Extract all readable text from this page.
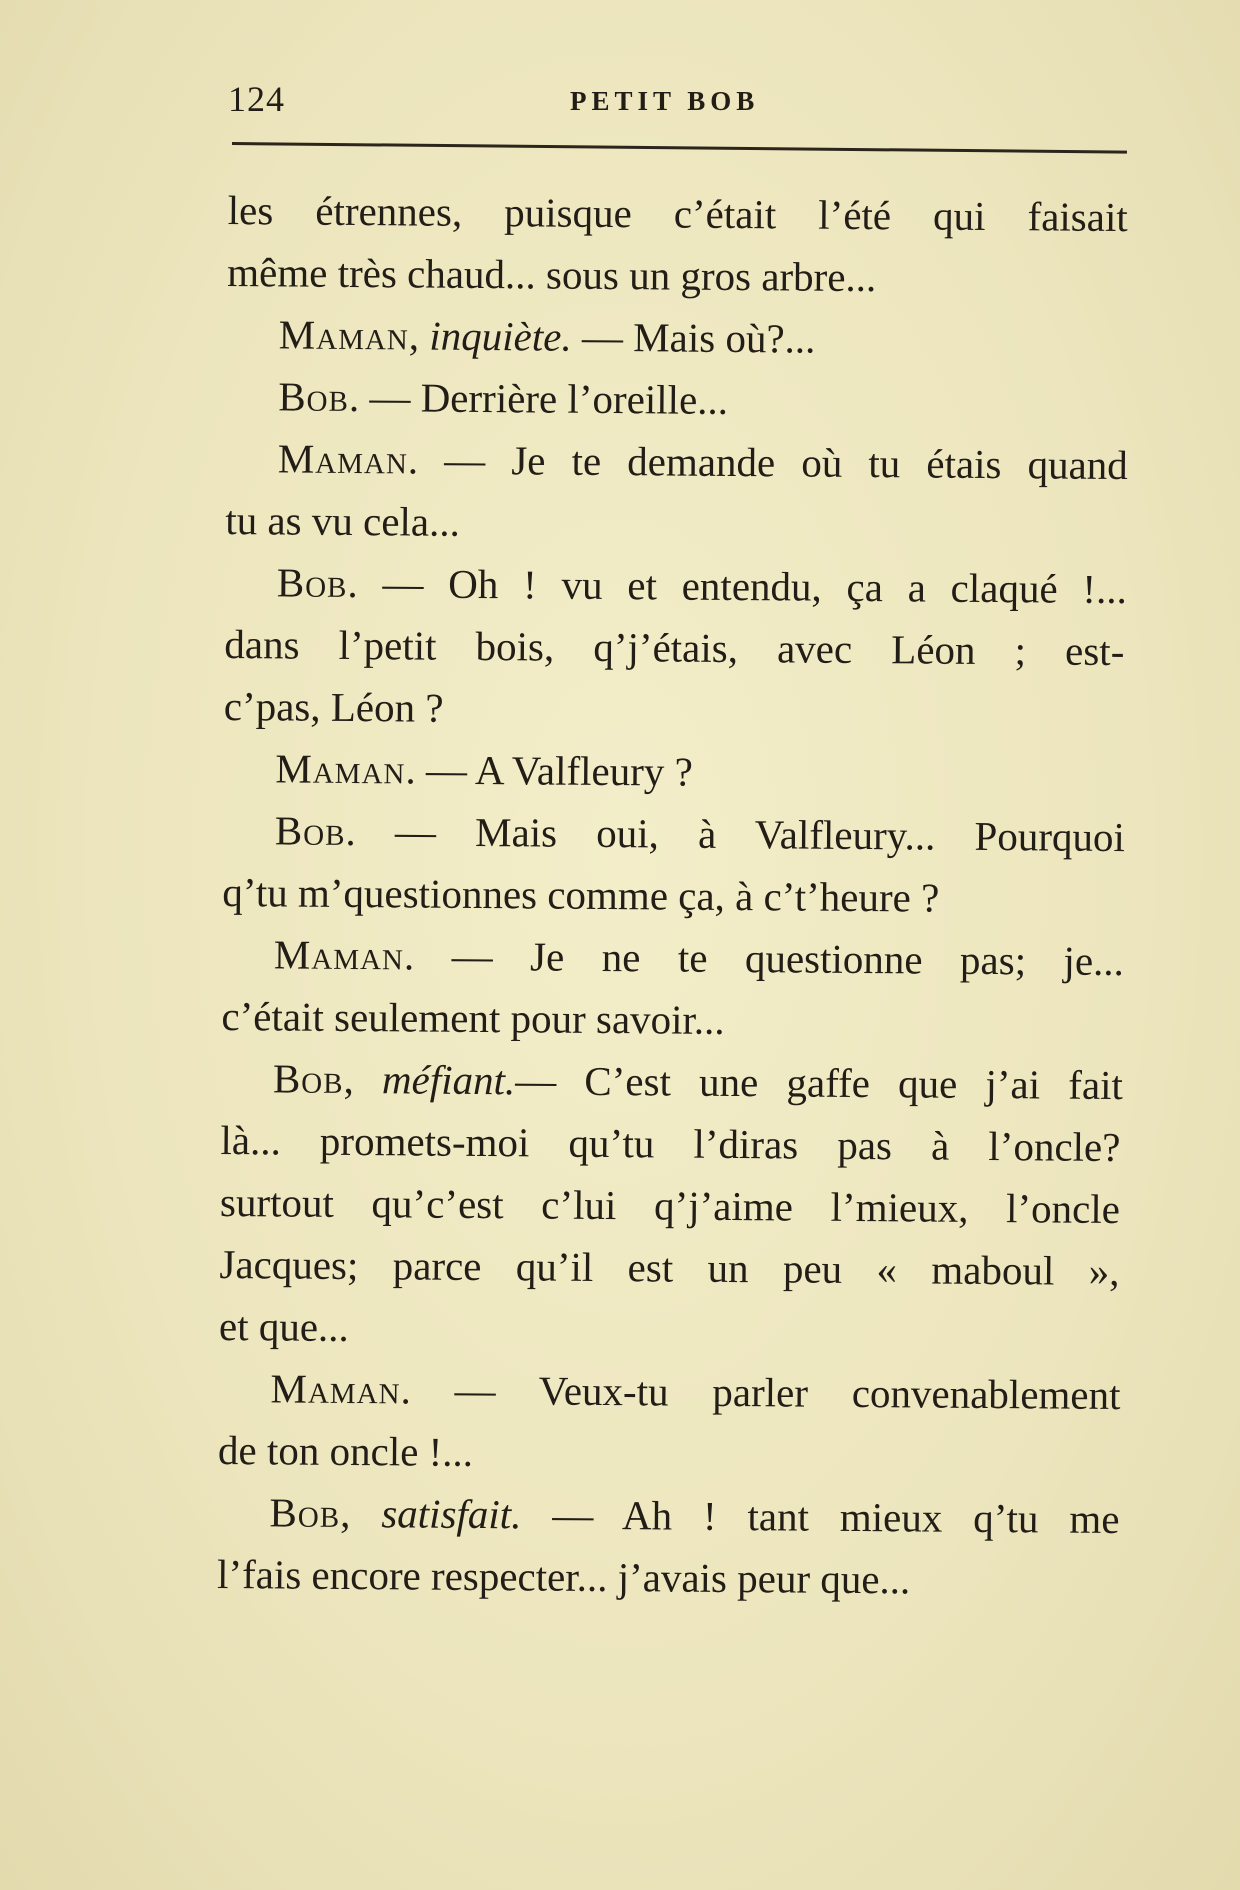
124	PETIT BOB
les étrennes, puisque c’était l’été qui faisait
même très chaud... sous un gros arbre...
Maman, inquiète. — Mais où?...
Bob. — Derrière l’oreille...
Maman. — Je te demande où tu étais quand
tu as vu cela...
Bob. — Oh ! vu et entendu, ça a claqué !...
dans l’petit bois, q’j’étais, avec Léon ; est-
c’pas, Léon ?
Maman. — A Valfleury ?
Bob. — Mais oui, à Valfleury... Pourquoi
q’tu m’questionnes comme ça, à c’t’heure ?
Maman. — Je ne te questionne pas; je...
c’était seulement pour savoir...
Bob, méfiant.— C’est une gaffe que j’ai fait
là... promets-moi qu’tu l’diras pas à l’oncle?
surtout qu’c’est c’lui q’j’aime l’mieux, l’oncle
Jacques; parce qu’il est un peu « maboul »,
et que...
Maman. — Veux-tu parler convenablement
de ton oncle !...
Bob, satisfait. — Ah ! tant mieux q’tu me
l’fais encore respecter... j’avais peur que...
